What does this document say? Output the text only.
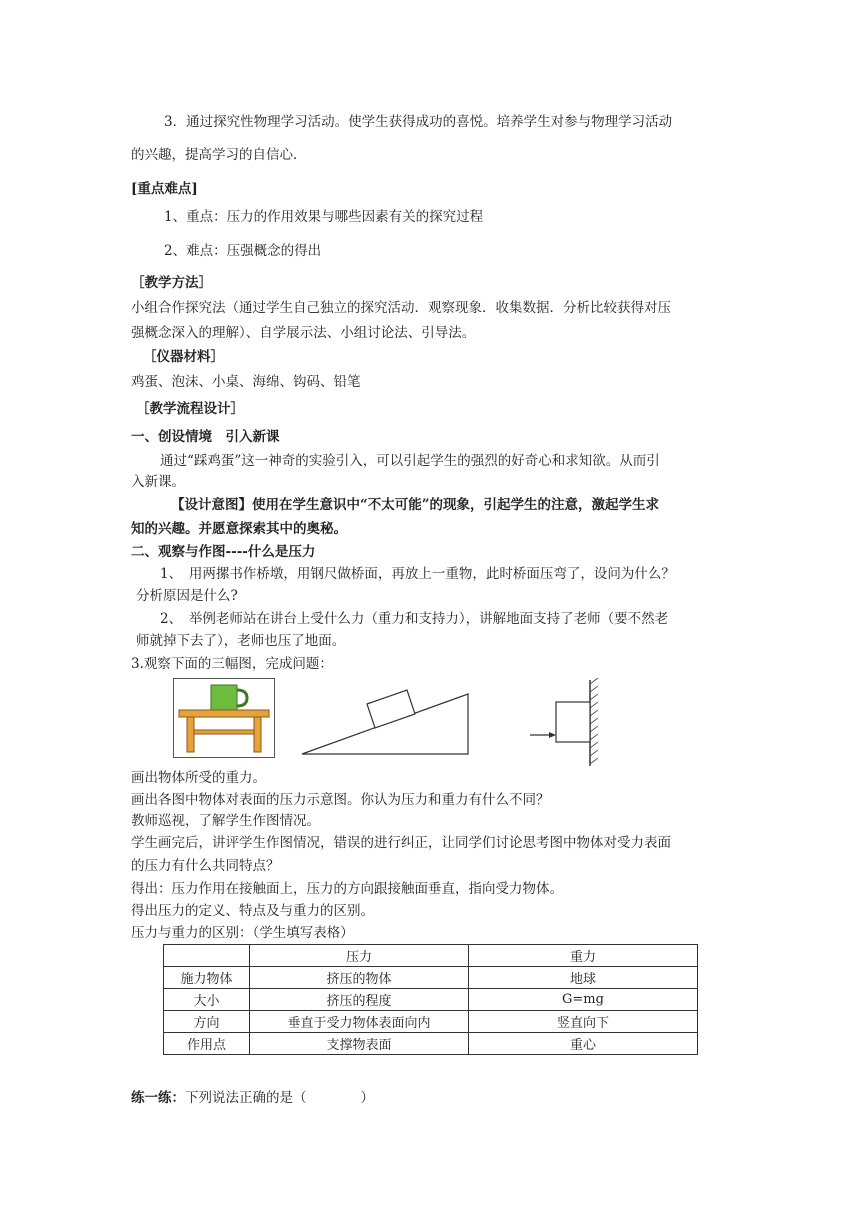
3．通过探究性物理学习活动。使学生获得成功的喜悦。培养学生对参与物理学习活动
的兴趣，提高学习的自信心．
[重点难点]
1、重点：压力的作用效果与哪些因素有关的探究过程
2、难点：压强概念的得出
［教学方法］
小组合作探究法（通过学生自己独立的探究活动．观察现象．收集数据．分析比较获得对压
强概念深入的理解）、自学展示法、小组讨论法、引导法。
［仪器材料］
鸡蛋、泡沫、小桌、海绵、钩码、铅笔
［教学流程设计］
一、创设情境　引入新课
通过“踩鸡蛋”这一神奇的实验引入，可以引起学生的强烈的好奇心和求知欲。从而引
入新课。
【设计意图】使用在学生意识中“不太可能”的现象，引起学生的注意，激起学生求
知的兴趣。并愿意探索其中的奥秘。
二、观察与作图----什么是压力
1、　用两摞书作桥墩，用钢尺做桥面，再放上一重物，此时桥面压弯了，设问为什么？
分析原因是什么?
2、　举例老师站在讲台上受什么力（重力和支持力），讲解地面支持了老师（要不然老
师就掉下去了），老师也压了地面。
3.观察下面的三幅图，完成问题：
画出物体所受的重力。
画出各图中物体对表面的压力示意图。你认为压力和重力有什么不同？
教师巡视，了解学生作图情况。
学生画完后，讲评学生作图情况，错误的进行纠正，让同学们讨论思考图中物体对受力表面
的压力有什么共同特点？
得出：压力作用在接触面上，压力的方向跟接触面垂直，指向受力物体。
得出压力的定义、特点及与重力的区别。
压力与重力的区别：（学生填写表格）
	压力	重力
施力物体	挤压的物体	地球
大小	挤压的程度	G=mg
方向	垂直于受力物体表面向内	竖直向下
作用点	支撑物表面	重心
练一练：下列说法正确的是（　　　　）
